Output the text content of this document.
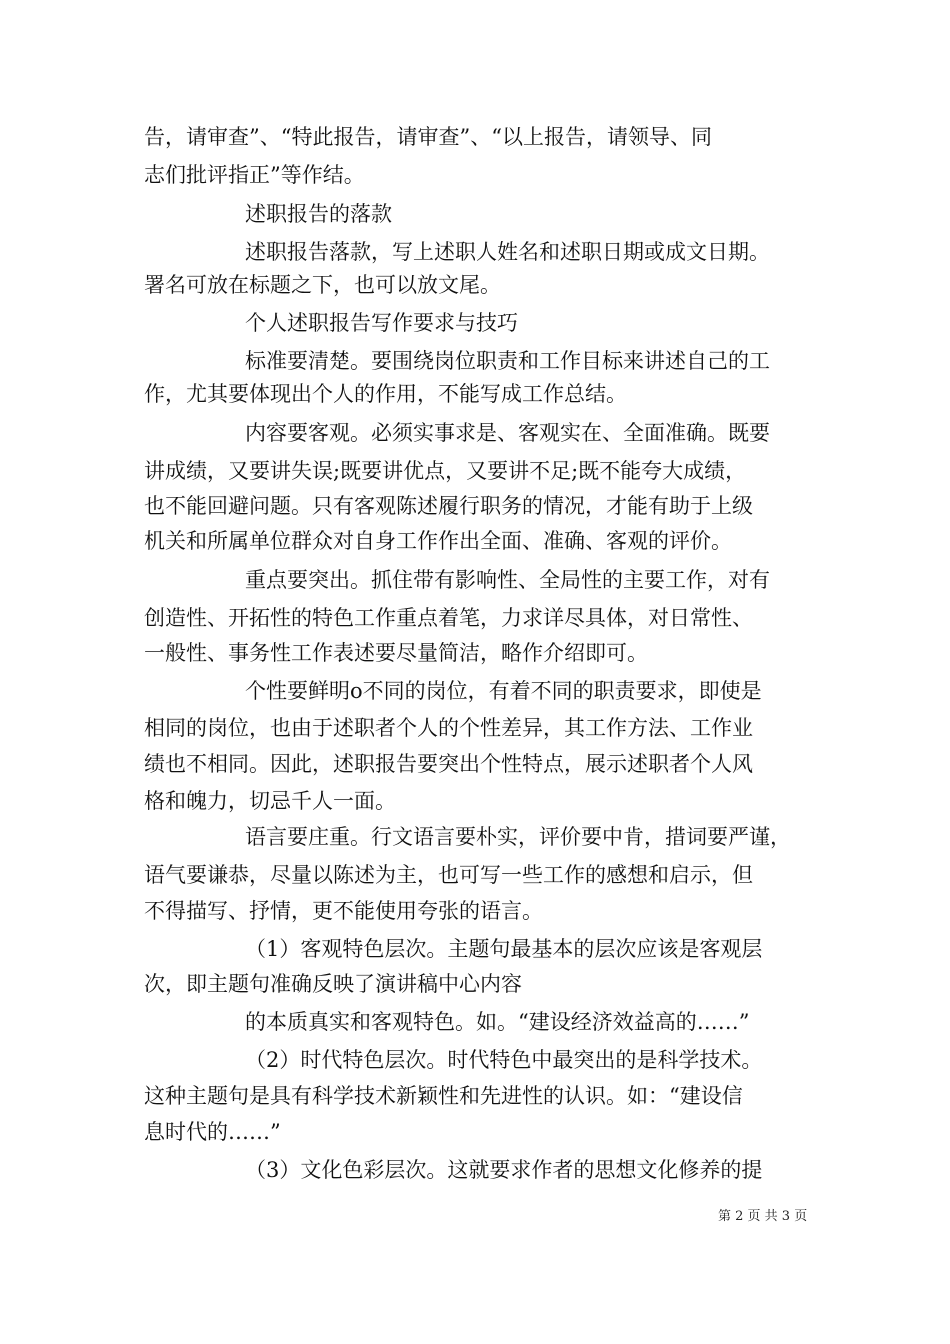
告，请审查”、“特此报告，请审查”、“以上报告，请领导、同
志们批评指正”等作结。
述职报告的落款
述职报告落款，写上述职人姓名和述职日期或成文日期。
署名可放在标题之下，也可以放文尾。
个人述职报告写作要求与技巧
标准要清楚。要围绕岗位职责和工作目标来讲述自己的工
作，尤其要体现出个人的作用，不能写成工作总结。
内容要客观。必须实事求是、客观实在、全面准确。既要
讲成绩，又要讲失误;既要讲优点，又要讲不足;既不能夸大成绩，
也不能回避问题。只有客观陈述履行职务的情况，才能有助于上级
机关和所属单位群众对自身工作作出全面、准确、客观的评价。
重点要突出。抓住带有影响性、全局性的主要工作，对有
创造性、开拓性的特色工作重点着笔，力求详尽具体，对日常性、
一般性、事务性工作表述要尽量简洁，略作介绍即可。
个性要鲜明ο不同的岗位，有着不同的职责要求，即使是
相同的岗位，也由于述职者个人的个性差异，其工作方法、工作业
绩也不相同。因此，述职报告要突出个性特点，展示述职者个人风
格和魄力，切忌千人一面。
语言要庄重。行文语言要朴实，评价要中肯，措词要严谨，
语气要谦恭，尽量以陈述为主，也可写一些工作的感想和启示，但
不得描写、抒情，更不能使用夸张的语言。
（1）客观特色层次。主题句最基本的层次应该是客观层
次，即主题句准确反映了演讲稿中心内容
的本质真实和客观特色。如。“建设经济效益高的……”
（2）时代特色层次。时代特色中最突出的是科学技术。
这种主题句是具有科学技术新颖性和先进性的认识。如：“建设信
息时代的……”
（3）文化色彩层次。这就要求作者的思想文化修养的提
第 2 页 共 3 页
